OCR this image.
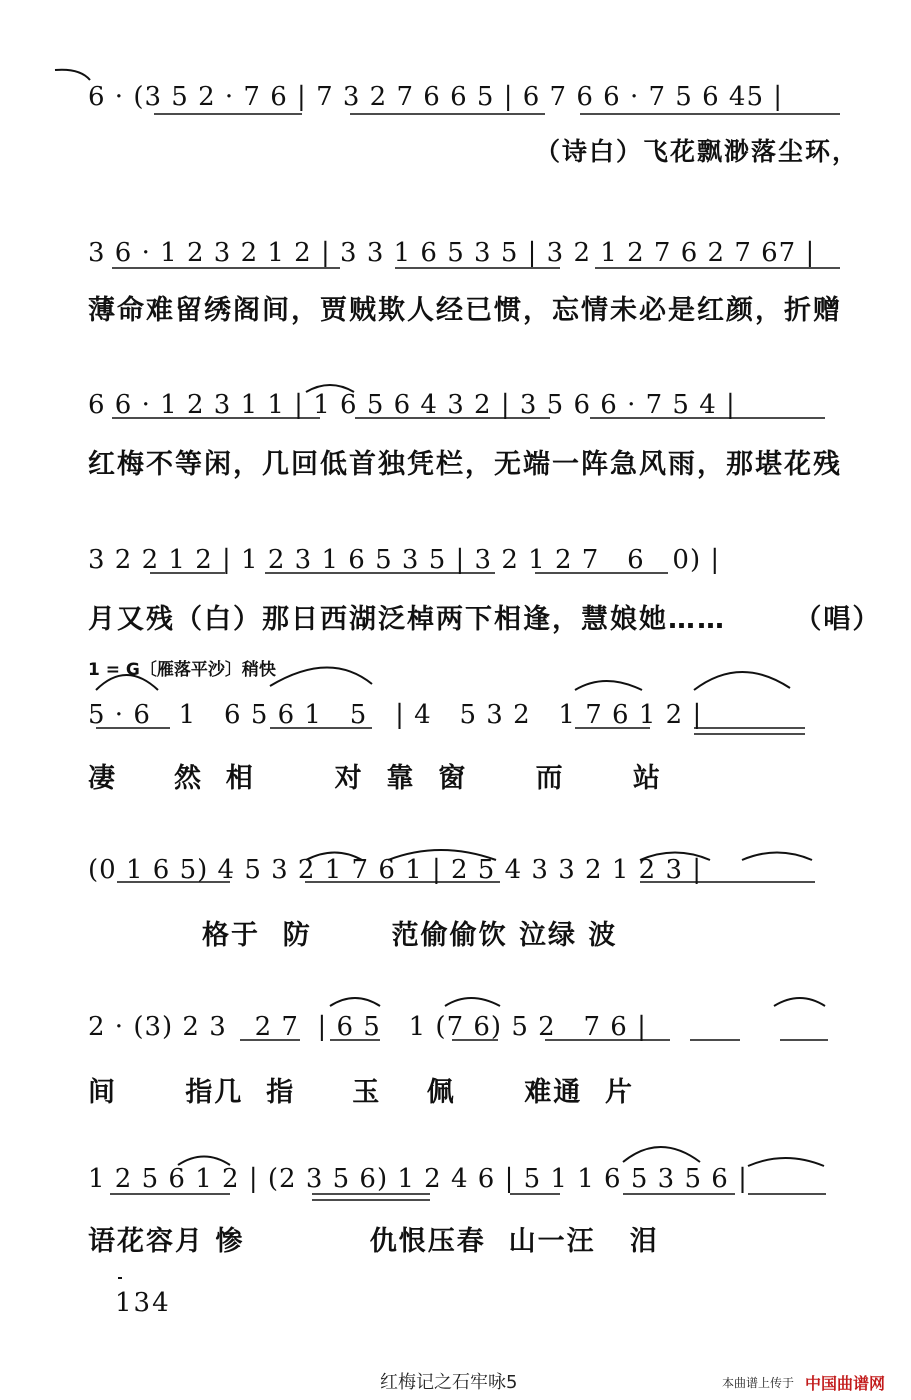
6 · (3 5 2 · 7 6 | 7 3 2 7 6 6 5 | 6 7 6 6 · 7 5 6 45 |
（诗白）飞花飘渺落尘环，
3 6 · 1 2 3 2 1 2 | 3 3 1 6 5 3 5 | 3 2 1 2 7 6 2 7 67 |
薄命难留绣阁间，贾贼欺人经已惯，忘情未必是红颜，折赠
6 6 · 1 2 3 1 1 | 1 6 5 6 4 3 2 | 3 5 6 6 · 7 5 4 |
红梅不等闲，几回低首独凭栏，无端一阵急风雨，那堪花残
3 2 2 1 2 | 1 2 3 1 6 5 3 5 | 3 2 1 2 7   6   0) |
月又残（白）那日西湖泛棹两下相逢，慧娘她……      （唱）
1 = G〔雁落平沙〕稍快
5 · 6   1   6 5 6 1   5   | 4   5 3 2   1 7 6 1 2 |
凄     然  相       对  靠  窗      而      站
(0 1 6 5) 4 5 3 2 1 7 6 1 | 2 5 4 3 3 2 1 2 3 |
格于  防       范偷偷饮 泣绿 波
2 · (3) 2 3   2 7  | 6 5   1 (7 6) 5 2   7 6 |
间      指几  指     玉    佩      难通  片
1 2 5 6 1 2 | (2 3 5 6) 1 2 4 6 | 5 1 1 6 5 3 5 6 |
语花容月 惨           仇恨压春  山一汪   泪
134
红梅记之石牢咏5	本曲谱上传于 中国曲谱网
